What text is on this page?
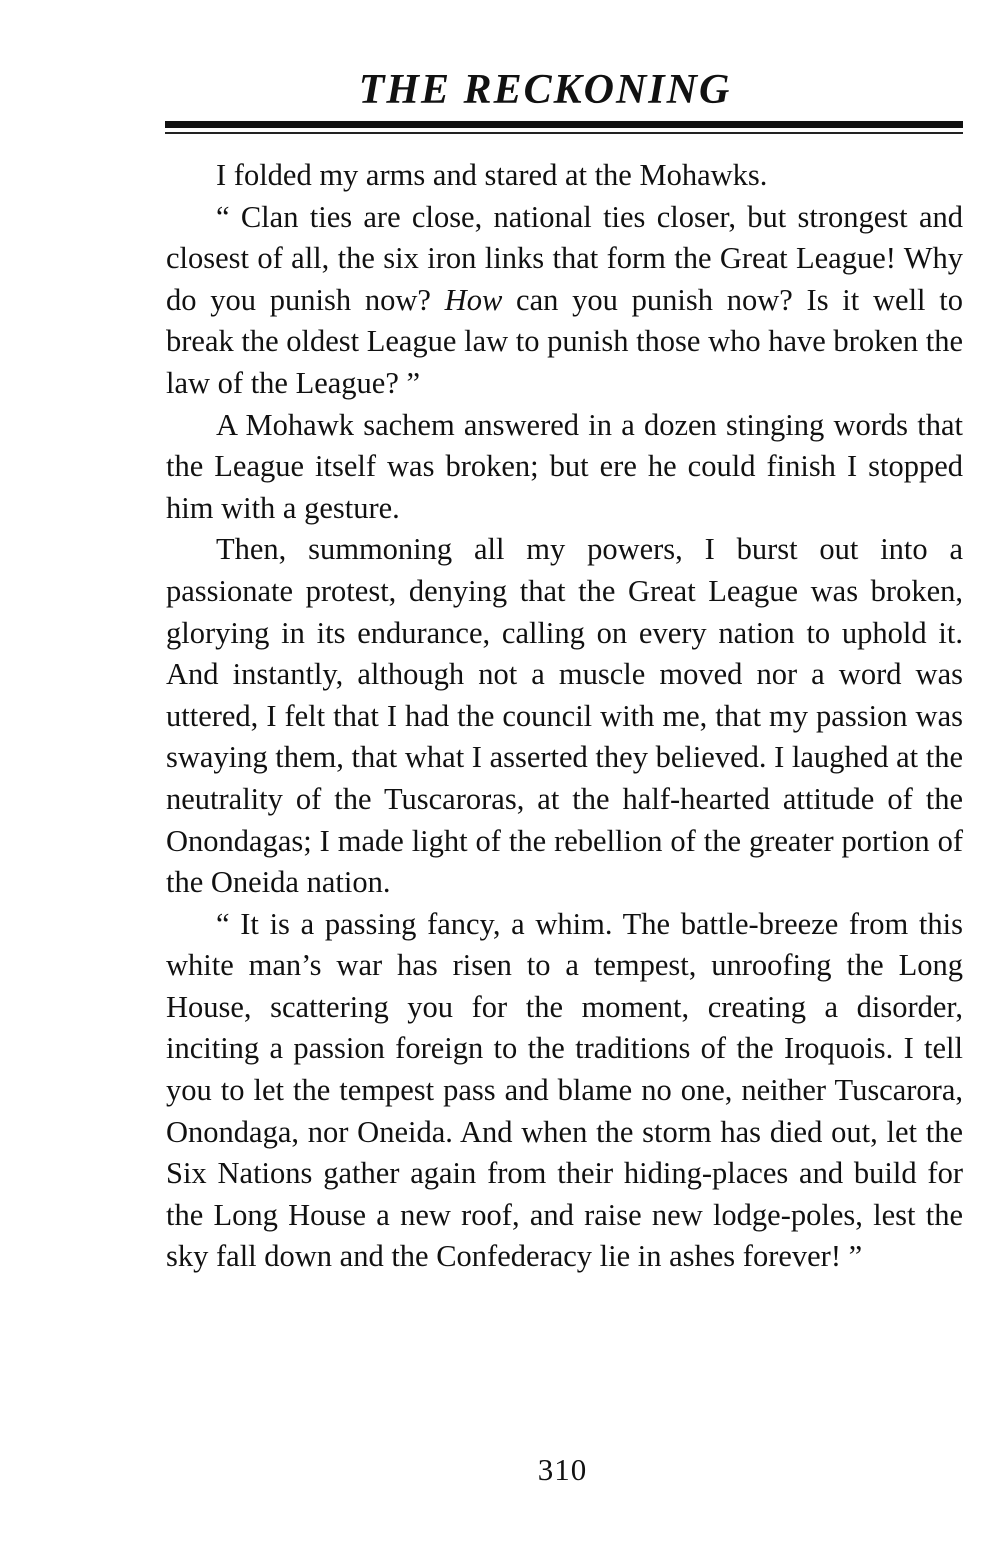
THE RECKONING

I folded my arms and stared at the Mohawks.

“ Clan ties are close, national ties closer, but strongest and closest of all, the six iron links that form the Great League! Why do you punish now? How can you punish now? Is it well to break the oldest League law to punish those who have broken the law of the League? ”

A Mohawk sachem answered in a dozen stinging words that the League itself was broken; but ere he could finish I stopped him with a gesture.

Then, summoning all my powers, I burst out into a passionate protest, denying that the Great League was broken, glorying in its endurance, calling on every nation to uphold it. And instantly, although not a muscle moved nor a word was uttered, I felt that I had the council with me, that my passion was swaying them, that what I asserted they believed. I laughed at the neutrality of the Tuscaroras, at the half-hearted attitude of the Onondagas; I made light of the rebellion of the greater portion of the Oneida nation.

“ It is a passing fancy, a whim. The battle-breeze from this white man’s war has risen to a tempest, unroofing the Long House, scattering you for the moment, creating a disorder, inciting a passion foreign to the traditions of the Iroquois. I tell you to let the tempest pass and blame no one, neither Tuscarora, Onondaga, nor Oneida. And when the storm has died out, let the Six Nations gather again from their hiding-places and build for the Long House a new roof, and raise new lodge-poles, lest the sky fall down and the Confederacy lie in ashes forever! ”

310
